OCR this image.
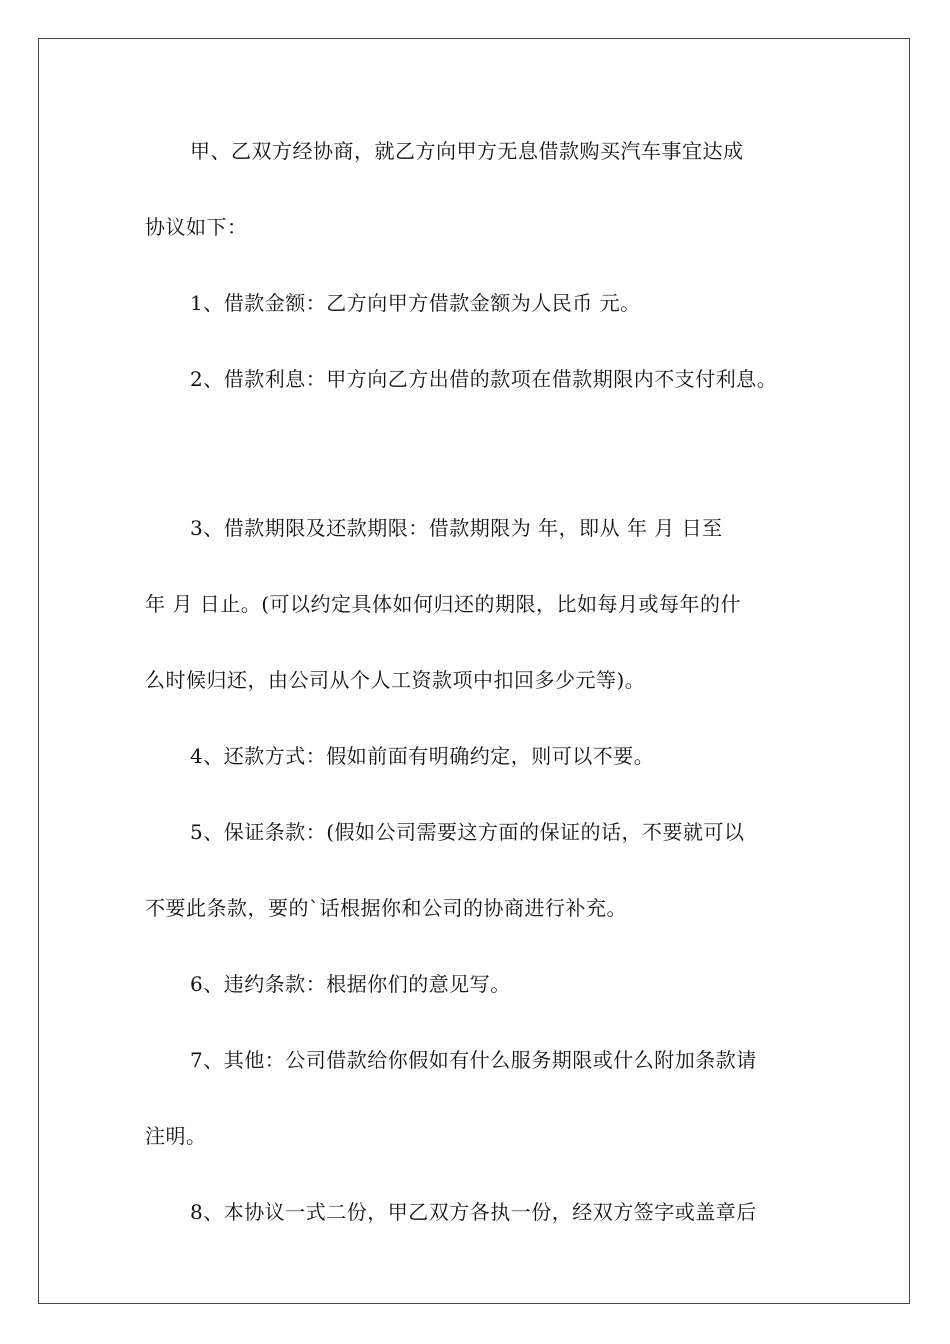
甲、乙双方经协商，就乙方向甲方无息借款购买汽车事宜达成
协议如下：
1、借款金额：乙方向甲方借款金额为人民币 元。
2、借款利息：甲方向乙方出借的款项在借款期限内不支付利息。
3、借款期限及还款期限：借款期限为 年，即从 年 月 日至
年 月 日止。(可以约定具体如何归还的期限，比如每月或每年的什
么时候归还，由公司从个人工资款项中扣回多少元等)。
4、还款方式：假如前面有明确约定，则可以不要。
5、保证条款：(假如公司需要这方面的保证的话，不要就可以
不要此条款，要的`话根据你和公司的协商进行补充。
6、违约条款：根据你们的意见写。
7、其他：公司借款给你假如有什么服务期限或什么附加条款请
注明。
8、本协议一式二份，甲乙双方各执一份，经双方签字或盖章后
